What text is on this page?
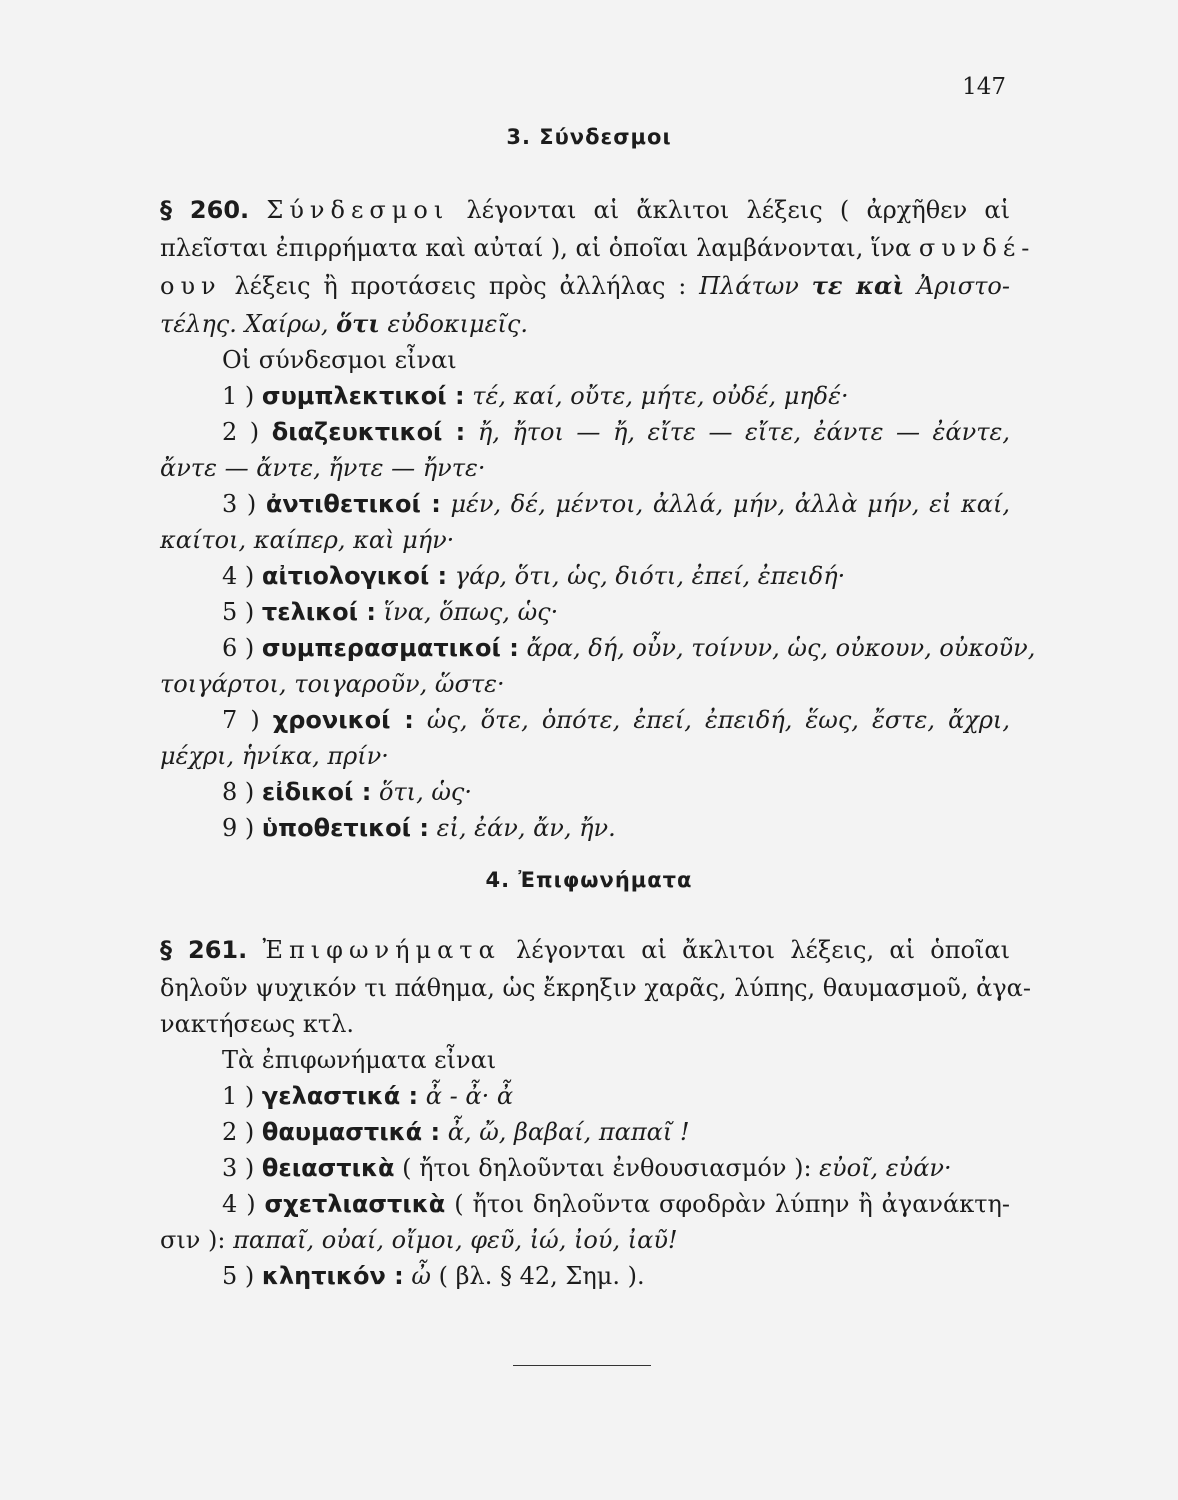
147
3. Σύνδεσμοι
§ 260. Σύνδεσμοι λέγονται αἱ ἄκλιτοι λέξεις ( ἀρχῆθεν αἱ
πλεῖσται ἐπιρρήματα καὶ αὐταί ), αἱ ὁποῖαι λαμβάνονται, ἵνα συνδέ-
ουν λέξεις ἢ προτάσεις πρὸς ἀλλήλας : Πλάτων τε καὶ Ἀριστο-
τέλης. Χαίρω, ὅτι εὐδοκιμεῖς.
Οἱ σύνδεσμοι εἶναι
1 ) συμπλεκτικοί : τέ, καί, οὔτε, μήτε, οὐδέ, μηδέ·
2 ) διαζευκτικοί : ἤ, ἤτοι — ἤ, εἴτε — εἴτε, ἐάντε — ἐάντε,
ἄντε — ἄντε, ἤντε — ἤντε·
3 ) ἀντιθετικοί : μέν, δέ, μέντοι, ἀλλά, μήν, ἀλλὰ μήν, εἰ καί,
καίτοι, καίπερ, καὶ μήν·
4 ) αἰτιολογικοί : γάρ, ὅτι, ὡς, διότι, ἐπεί, ἐπειδή·
5 ) τελικοί : ἵνα, ὅπως, ὡς·
6 ) συμπερασματικοί : ἄρα, δή, οὖν, τοίνυν, ὡς, οὐκουν, οὐκοῦν,
τοιγάρτοι, τοιγαροῦν, ὥστε·
7 ) χρονικοί : ὡς, ὅτε, ὁπότε, ἐπεί, ἐπειδή, ἕως, ἔστε, ἄχρι,
μέχρι, ἡνίκα, πρίν·
8 ) εἰδικοί : ὅτι, ὡς·
9 ) ὑποθετικοί : εἰ, ἐάν, ἄν, ἤν.
4. Ἐπιφωνήματα
§ 261. Ἐπιφωνήματα λέγονται αἱ ἄκλιτοι λέξεις, αἱ ὁποῖαι
δηλοῦν ψυχικόν τι πάθημα, ὡς ἔκρηξιν χαρᾶς, λύπης, θαυμασμοῦ, ἀγα-
νακτήσεως κτλ.
Τὰ ἐπιφωνήματα εἶναι
1 ) γελαστικά : ἆ - ἆ· ἆ
2 ) θαυμαστικά : ἆ, ὤ, βαβαί, παπαῖ !
3 ) θειαστικὰ ( ἤτοι δηλοῦνται ἐνθουσιασμόν ): εὐοῖ, εὐάν·
4 ) σχετλιαστικὰ ( ἤτοι δηλοῦντα σφοδρὰν λύπην ἢ ἀγανάκτη-
σιν ): παπαῖ, οὐαί, οἴμοι, φεῦ, ἰώ, ἰού, ἰαῦ!
5 ) κλητικόν : ὦ ( βλ. § 42, Σημ. ).
